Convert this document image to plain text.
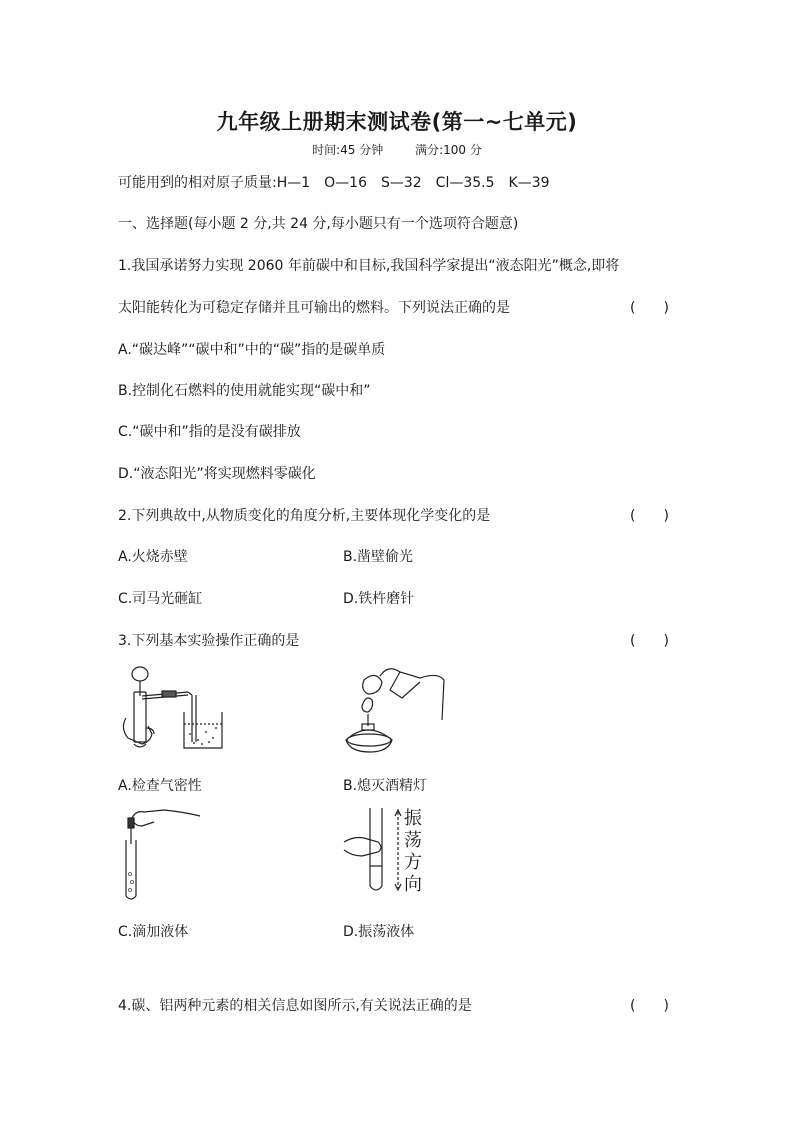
九年级上册期末测试卷(第一~七单元)
时间:45 分钟	满分:100 分
可能用到的相对原子质量:H—1　O—16　S—32　Cl—35.5　K—39
一、选择题(每小题 2 分,共 24 分,每小题只有一个选项符合题意)
1.我国承诺努力实现 2060 年前碳中和目标,我国科学家提出“液态阳光”概念,即将
太阳能转化为可稳定存储并且可输出的燃料。下列说法正确的是	(　　)
A.“碳达峰”“碳中和”中的“碳”指的是碳单质
B.控制化石燃料的使用就能实现“碳中和”
C.“碳中和”指的是没有碳排放
D.“液态阳光”将实现燃料零碳化
2.下列典故中,从物质变化的角度分析,主要体现化学变化的是	(　　)
A.火烧赤壁	B.凿壁偷光
C.司马光砸缸	D.铁杵磨针
3.下列基本实验操作正确的是	(　　)
A.检查气密性	B.熄灭酒精灯
振
荡
方
向
C.滴加液体	D.振荡液体
4.碳、铝两种元素的相关信息如图所示,有关说法正确的是	(　　)
